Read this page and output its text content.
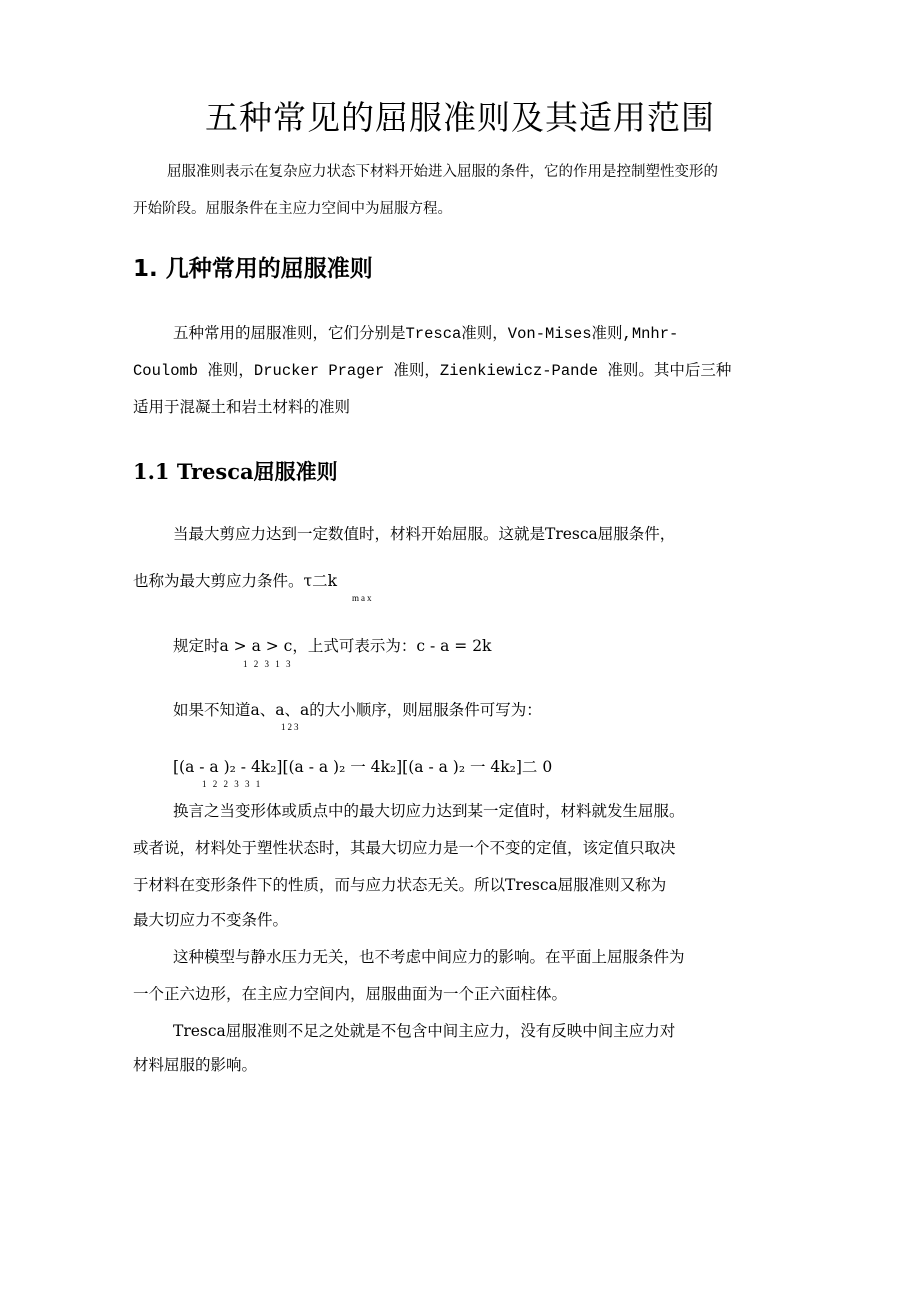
五种常见的屈服准则及其适用范围
屈服准则表示在复杂应力状态下材料开始进入屈服的条件，它的作用是控制塑性变形的
开始阶段。屈服条件在主应力空间中为屈服方程。
1. 几种常用的屈服准则
五种常用的屈服准则，它们分别是Tresca准则，Von-Mises准则,Mnhr-
Coulomb 准则，Drucker Prager 准则，Zienkiewicz-Pande 准则。其中后三种
适用于混凝土和岩土材料的准则
1.1 Tresca屈服准则
当最大剪应力达到一定数值时，材料开始屈服。这就是Tresca屈服条件，
也称为最大剪应力条件。τ二k
max
规定时a > a > c，上式可表示为：c - a = 2k
1 2 3 1 3
如果不知道a、a、a的大小顺序，则屈服条件可写为：
123
[(a - a )₂ - 4k₂][(a - a )₂ 一 4k₂][(a - a )₂ 一 4k₂]二 0
1 2 2 3 3 1
换言之当变形体或质点中的最大切应力达到某一定值时，材料就发生屈服。
或者说，材料处于塑性状态时，其最大切应力是一个不变的定值，该定值只取决
于材料在变形条件下的性质，而与应力状态无关。所以Tresca屈服准则又称为
最大切应力不变条件。
这种模型与静水压力无关，也不考虑中间应力的影响。在平面上屈服条件为
一个正六边形，在主应力空间内，屈服曲面为一个正六面柱体。
Tresca屈服准则不足之处就是不包含中间主应力，没有反映中间主应力对
材料屈服的影响。
